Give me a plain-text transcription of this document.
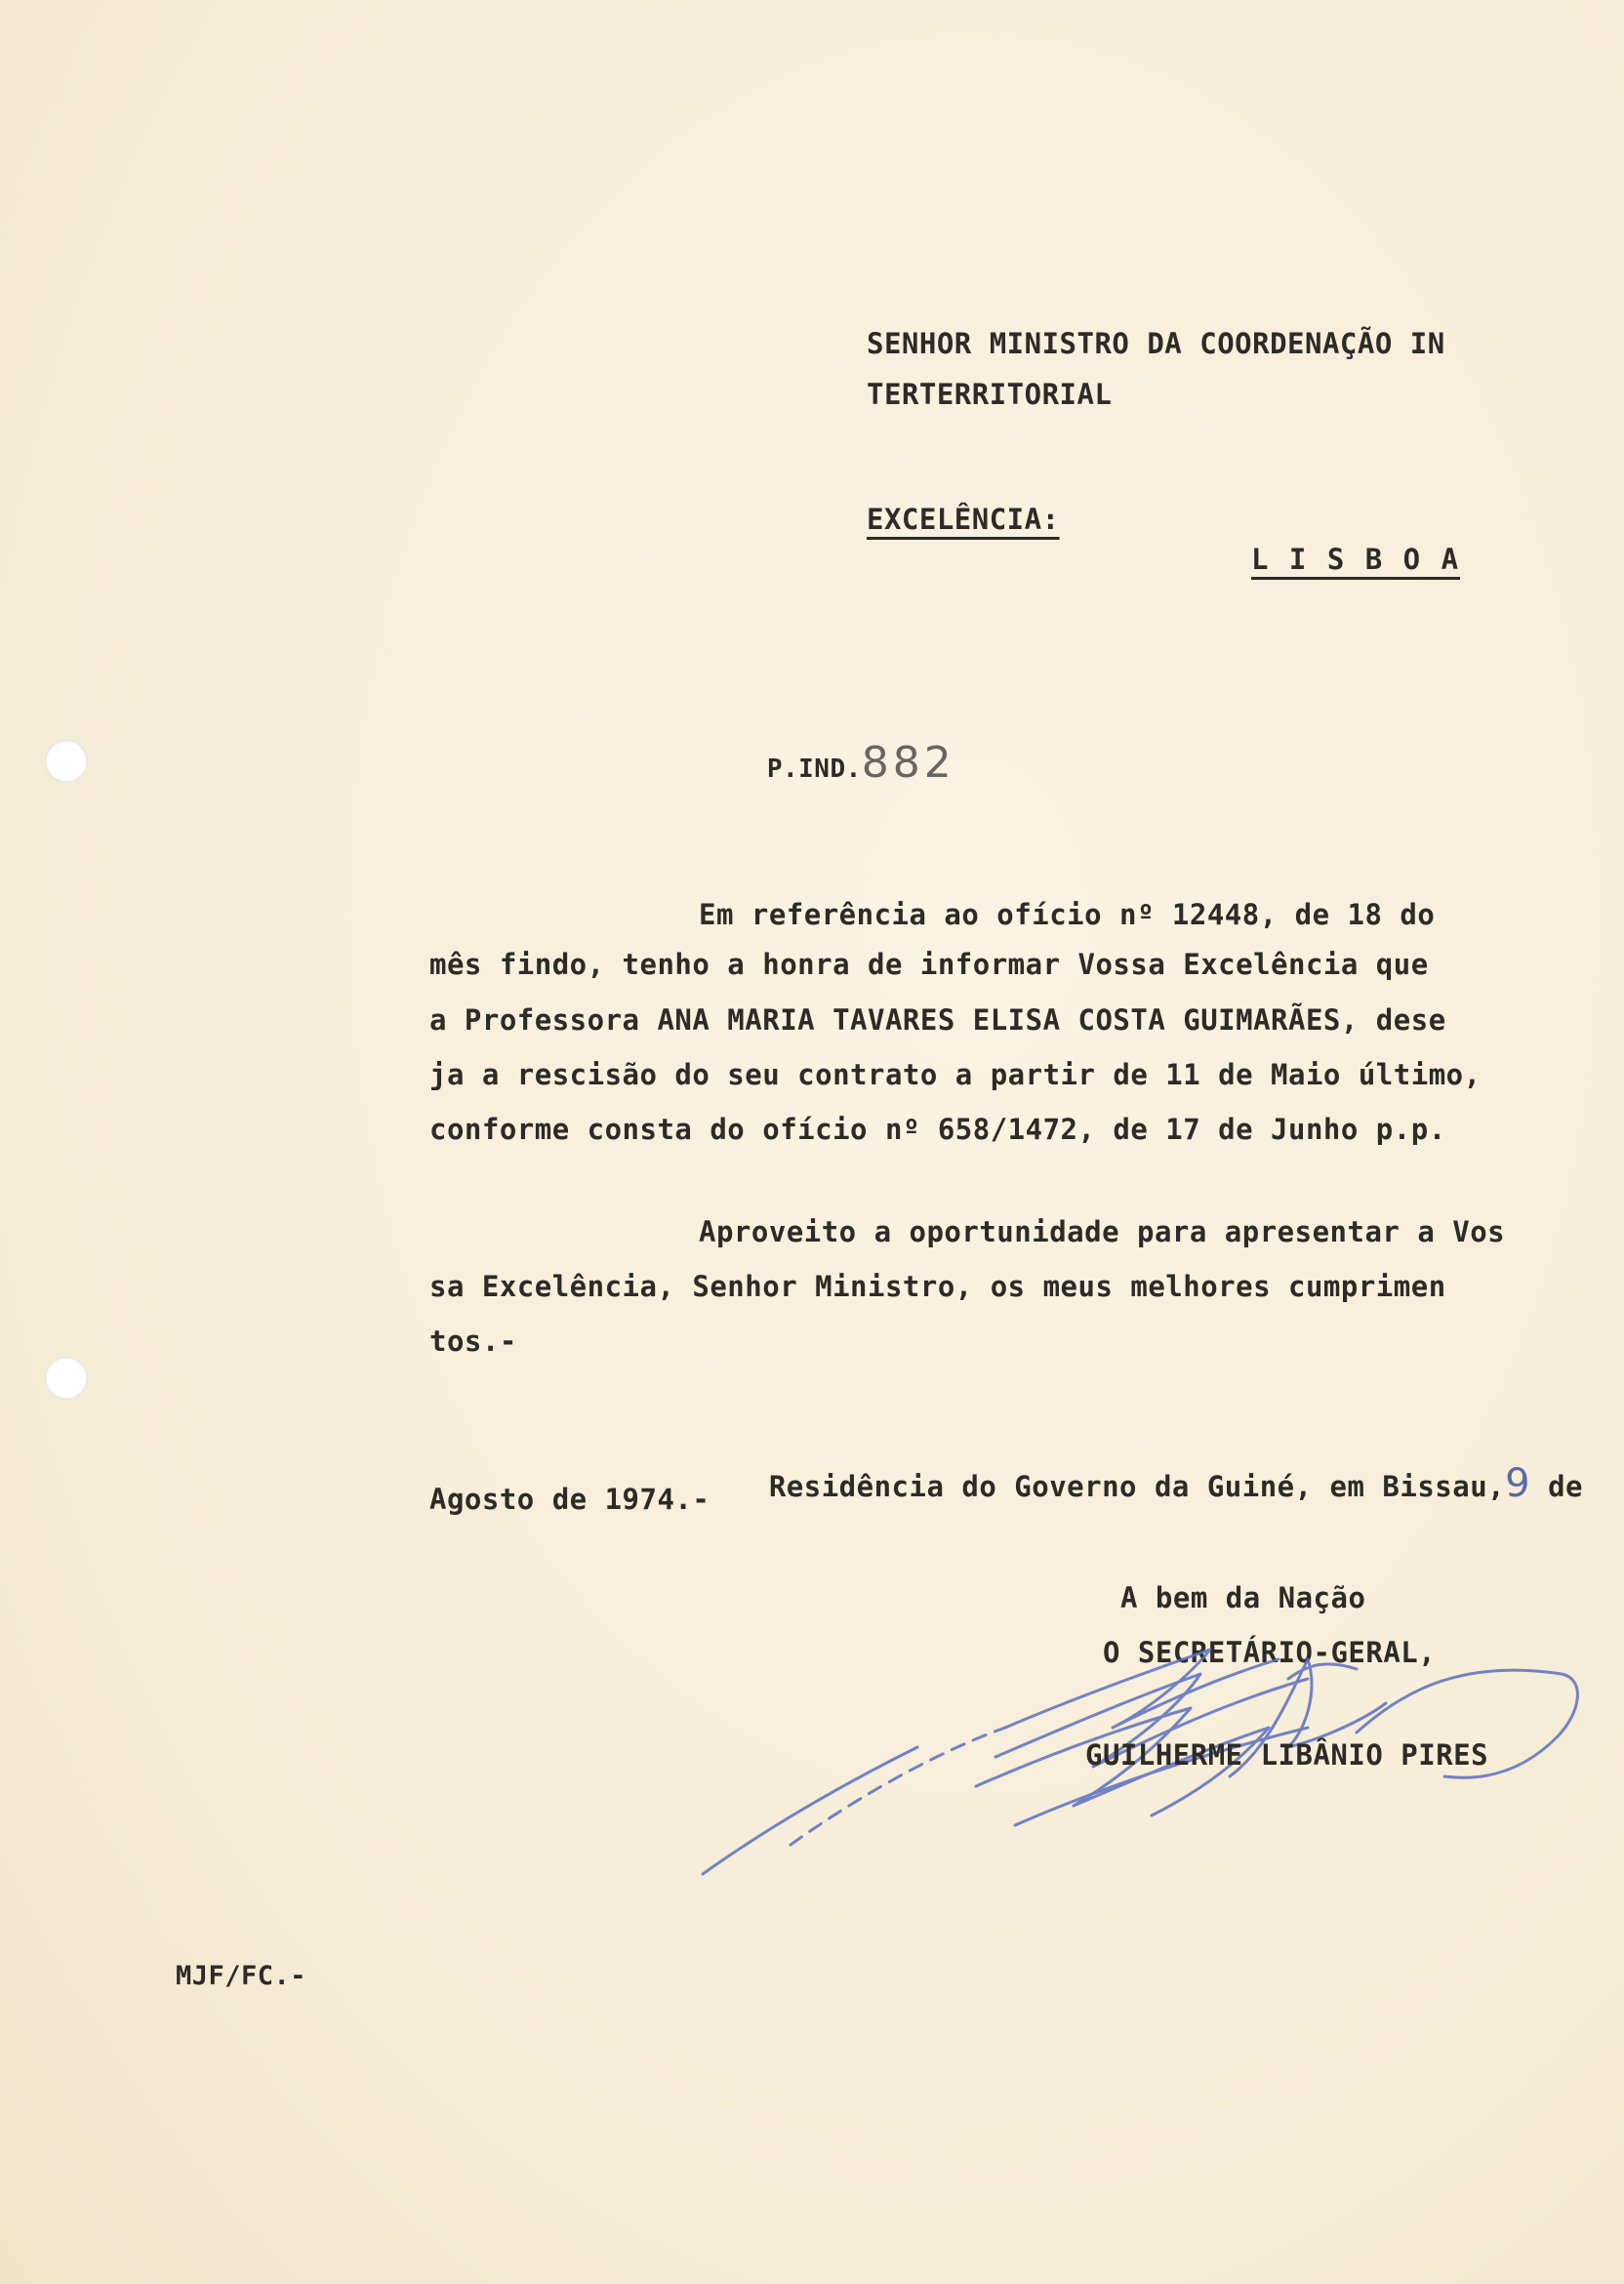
SENHOR MINISTRO DA COORDENAÇÃO IN
TERTERRITORIAL
EXCELÊNCIA:
L I S B O A

P.IND.882

Em referência ao ofício nº 12448, de 18 do
mês findo, tenho a honra de informar Vossa Excelência que
a Professora ANA MARIA TAVARES ELISA COSTA GUIMARÃES, dese
ja a rescisão do seu contrato a partir de 11 de Maio último,
conforme consta do ofício nº 658/1472, de 17 de Junho p.p.
Aproveito a oportunidade para apresentar a Vos
sa Excelência, Senhor Ministro, os meus melhores cumprimen
tos.-

Residência do Governo da Guiné, em Bissau,9 de

Agosto de 1974.-
A bem da Nação
O SECRETÁRIO-GERAL,
GUILHERME LIBÂNIO PIRES
MJF/FC.-
